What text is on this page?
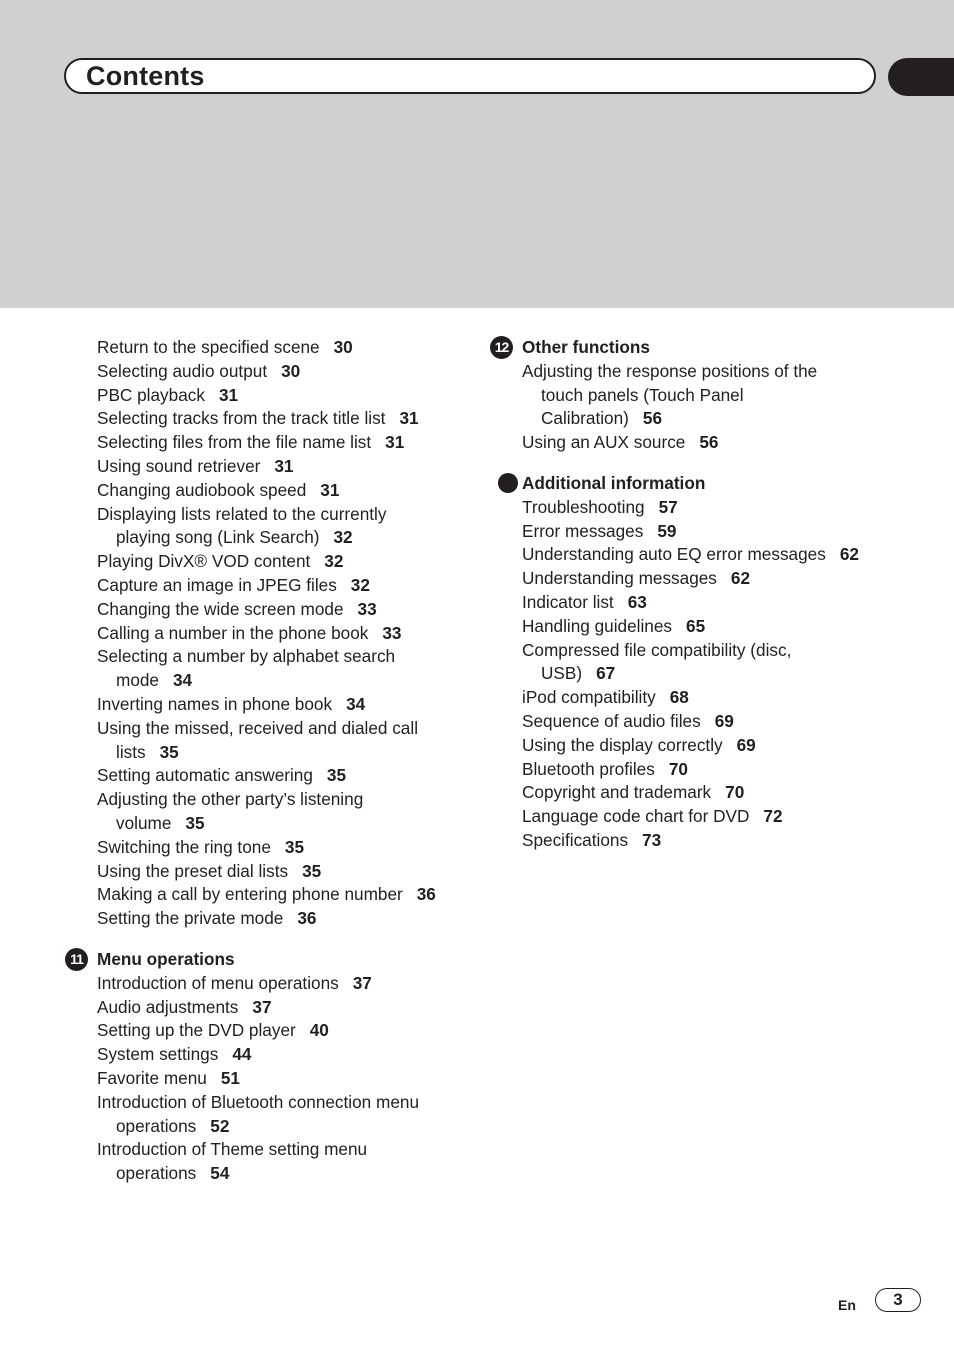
Contents
Return to the specified scene 30
Selecting audio output 30
PBC playback 31
Selecting tracks from the track title list 31
Selecting files from the file name list 31
Using sound retriever 31
Changing audiobook speed 31
Displaying lists related to the currently
playing song (Link Search) 32
Playing DivX® VOD content 32
Capture an image in JPEG files 32
Changing the wide screen mode 33
Calling a number in the phone book 33
Selecting a number by alphabet search
mode 34
Inverting names in phone book 34
Using the missed, received and dialed call
lists 35
Setting automatic answering 35
Adjusting the other party’s listening
volume 35
Switching the ring tone 35
Using the preset dial lists 35
Making a call by entering phone number 36
Setting the private mode 36
11 Menu operations
Introduction of menu operations 37
Audio adjustments 37
Setting up the DVD player 40
System settings 44
Favorite menu 51
Introduction of Bluetooth connection menu
operations 52
Introduction of Theme setting menu
operations 54
12 Other functions
Adjusting the response positions of the
touch panels (Touch Panel
Calibration) 56
Using an AUX source 56
Additional information
Troubleshooting 57
Error messages 59
Understanding auto EQ error messages 62
Understanding messages 62
Indicator list 63
Handling guidelines 65
Compressed file compatibility (disc,
USB) 67
iPod compatibility 68
Sequence of audio files 69
Using the display correctly 69
Bluetooth profiles 70
Copyright and trademark 70
Language code chart for DVD 72
Specifications 73
En	3
